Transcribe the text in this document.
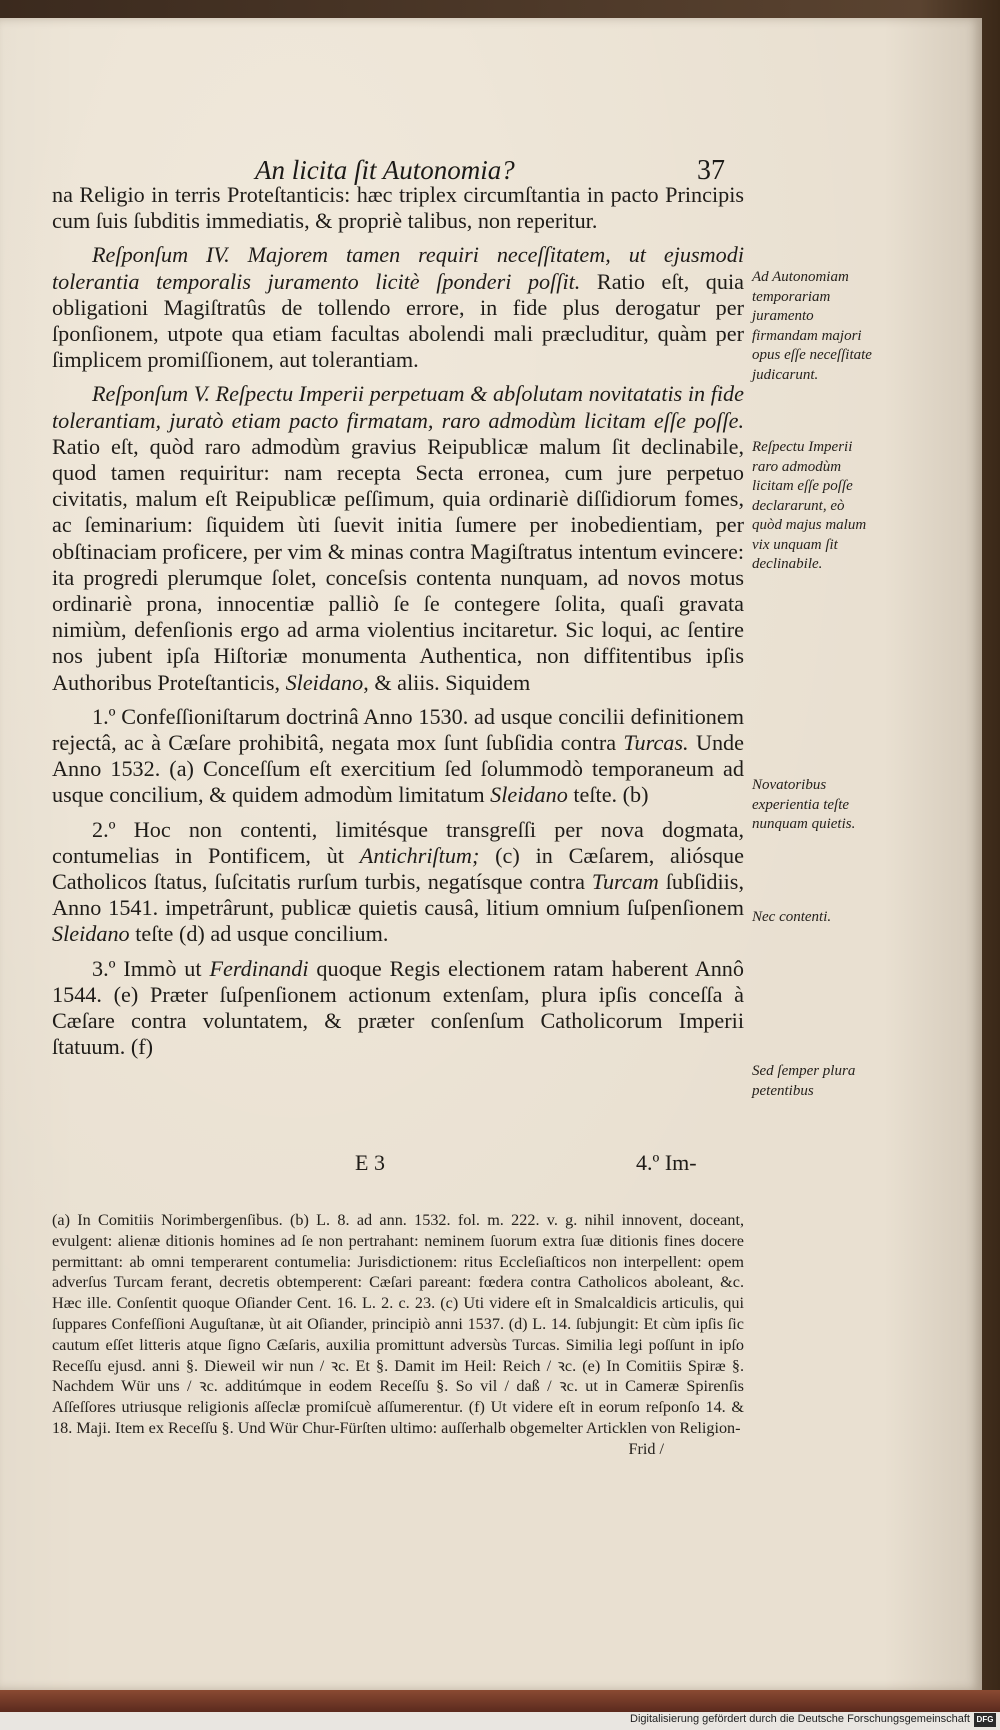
Digitalisierung gefördert durch die Deutsche Forschungsgemeinschaft DFG
An licita ſit Autonomia?	37

na Religio in terris Proteſtanticis: hæc triplex circumſtantia in pacto Principis cum ſuis ſubditis immediatis, & propriè talibus, non reperitur.

Reſponſum IV. Majorem tamen requiri neceſſitatem, ut ejusmodi tolerantia temporalis juramento licitè ſponderi poſſit. Ratio eſt, quia obligationi Magiſtratûs de tollendo errore, in fide plus derogatur per ſponſionem, utpote qua etiam facultas abolendi mali præcluditur, quàm per ſimplicem promiſſionem, aut tolerantiam.

Reſponſum V. Reſpectu Imperii perpetuam & abſolutam novitatatis in fide tolerantiam, juratò etiam pacto firmatam, raro admodùm licitam eſſe poſſe. Ratio eſt, quòd raro admodùm gravius Reipublicæ malum ſit declinabile, quod tamen requiritur: nam recepta Secta erronea, cum jure perpetuo civitatis, malum eſt Reipublicæ peſſimum, quia ordinariè diſſidiorum fomes, ac ſeminarium: ſiquidem ùti ſuevit initia ſumere per inobedientiam, per obſtinaciam proficere, per vim & minas contra Magiſtratus intentum evincere: ita progredi plerumque ſolet, conceſsis contenta nunquam, ad novos motus ordinariè prona, innocentiæ palliò ſe ſe contegere ſolita, quaſi gravata nimiùm, defenſionis ergo ad arma violentius incitaretur. Sic loqui, ac ſentire nos jubent ipſa Hiſtoriæ monumenta Authentica, non diffitentibus ipſis Authoribus Proteſtanticis, Sleidano, & aliis. Siquidem

1.º Confeſſioniſtarum doctrinâ Anno 1530. ad usque concilii definitionem rejectâ, ac à Cæſare prohibitâ, negata mox ſunt ſubſidia contra Turcas. Unde Anno 1532. (a) Conceſſum eſt exercitium ſed ſolummodò temporaneum ad usque concilium, & quidem admodùm limitatum Sleidano teſte. (b)

2.º Hoc non contenti, limitésque transgreſſi per nova dogmata, contumelias in Pontificem, ùt Antichriſtum; (c) in Cæſarem, aliósque Catholicos ſtatus, ſuſcitatis rurſum turbis, negatísque contra Turcam ſubſidiis, Anno 1541. impetrârunt, publicæ quietis causâ, litium omnium ſuſpenſionem Sleidano teſte (d) ad usque concilium.

3.º Immò ut Ferdinandi quoque Regis electionem ratam haberent Annô 1544. (e) Præter ſuſpenſionem actionum extenſam, plura ipſis conceſſa à Cæſare contra voluntatem, & præter conſenſum Catholicorum Imperii ſtatuum. (f)

E 3	4.º Im-

(a) In Comitiis Norimbergenſibus. (b) L. 8. ad ann. 1532. fol. m. 222. v. g. nihil innovent, doceant, evulgent: alienæ ditionis homines ad ſe non pertrahant: neminem ſuorum extra ſuæ ditionis fines docere permittant: ab omni temperarent contumelia: Jurisdictionem: ritus Eccleſiaſticos non interpellent: opem adverſus Turcam ferant, decretis obtemperent: Cæſari pareant: fœdera contra Catholicos aboleant, &c. Hæc ille. Conſentit quoque Oſiander Cent. 16. L. 2. c. 23. (c) Uti videre eſt in Smalcaldicis articulis, qui ſuppares Confeſſioni Auguſtanæ, ùt ait Oſiander, principiò anni 1537. (d) L. 14. ſubjungit: Et cùm ipſis ſic cautum eſſet litteris atque ſigno Cæſaris, auxilia promittunt adversùs Turcas. Similia legi poſſunt in ipſo Receſſu ejusd. anni §. Dieweil wir nun / ꝛc. Et §. Damit im Heil: Reich / ꝛc. (e) In Comitiis Spiræ §. Nachdem Wür uns / ꝛc. additúmque in eodem Receſſu §. So vil / daß / ꝛc. ut in Cameræ Spirenſis Aſſeſſores utriusque religionis aſſeclæ promiſcuè aſſumerentur. (f) Ut videre eſt in eorum reſponſo 14. & 18. Maji. Item ex Receſſu §. Und Wür Chur-Fürſten ultimo: auſſerhalb obgemelter Articklen von Religion-

Frid /

Ad Autonomiam temporariam juramento firmandam majori opus eſſe neceſſitate judicarunt.
Reſpectu Imperii raro admodùm licitam eſſe poſſe declararunt, eò quòd majus malum vix unquam ſit declinabile.
Novatoribus experientia teſte nunquam quietis.
Nec contenti.
Sed ſemper plura petentibus
